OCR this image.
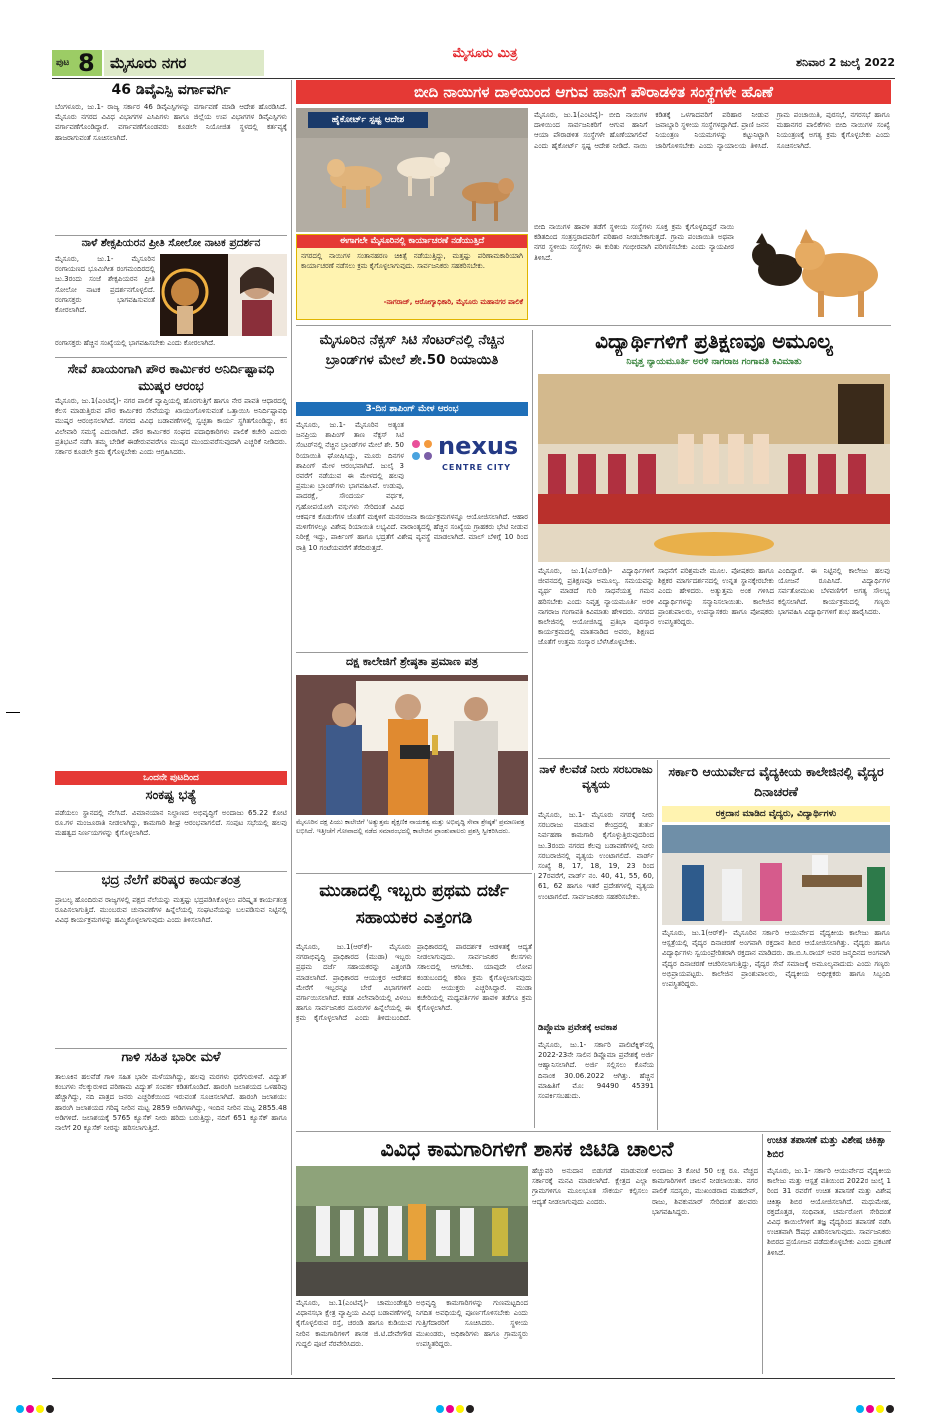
ಪುಟ 8 ಮೈಸೂರು ನಗರ
ಮೈಸೂರು ಮಿತ್ರ
ಶನಿವಾರ 2 ಜುಲೈ 2022
46 ಡಿವೈಎಸ್ಪಿ ವರ್ಗಾವರ್ಗಿ
ಬೆಂಗಳೂರು, ಜು.1- ರಾಜ್ಯ ಸರ್ಕಾರ 46 ಡಿವೈಎಸ್ಪಿಗಳನ್ನು ವರ್ಗಾವಣೆ ಮಾಡಿ ಆದೇಶ ಹೊರಡಿಸಿದೆ. ಮೈಸೂರು ನಗರದ ವಿವಿಧ ವಿಭಾಗಗಳ ಎಸಿಪಿಗಳು ಹಾಗೂ ಜಿಲ್ಲೆಯ ಉಪ ವಿಭಾಗಗಳ ಡಿವೈಎಸ್ಪಿಗಳು ವರ್ಗಾವಣೆಗೊಂಡಿದ್ದಾರೆ. ವರ್ಗಾವಣೆಗೊಂಡವರು ಕೂಡಲೇ ನಿಯೋಜಿತ ಸ್ಥಳದಲ್ಲಿ ಕರ್ತವ್ಯಕ್ಕೆ ಹಾಜರಾಗುವಂತೆ ಸೂಚಿಸಲಾಗಿದೆ.
ನಾಳೆ ಶೇಕ್ಸಪಿಯರನ ಪ್ರೀತಿ ಸೋಲೋ ನಾಟಕ ಪ್ರದರ್ಶನ
ಮೈಸೂರು, ಜು.1- ಮೈಸೂರಿನ ರಂಗಾಯಣದ ಭೂಮಿಗೀತ ರಂಗಮಂದಿರದಲ್ಲಿ ಜು.3ರಂದು ಸಂಜೆ ಶೇಕ್ಸಪಿಯರನ ಪ್ರೀತಿ ಸೋಲೋ ನಾಟಕ ಪ್ರದರ್ಶನಗೊಳ್ಳಲಿದೆ. ರಂಗಾಸಕ್ತರು ಭಾಗವಹಿಸುವಂತೆ ಕೋರಲಾಗಿದೆ.
ರಂಗಾಸಕ್ತರು ಹೆಚ್ಚಿನ ಸಂಖ್ಯೆಯಲ್ಲಿ ಭಾಗವಹಿಸಬೇಕು ಎಂದು ಕೋರಲಾಗಿದೆ.
ಸೇವೆ ಖಾಯಂಗಾಗಿ ಪೌರ ಕಾರ್ಮಿಕರ ಅನಿರ್ದಿಷ್ಟಾವಧಿ ಮುಷ್ಕರ ಆರಂಭ
ಮೈಸೂರು, ಜು.1(ಎಂಟಿವೈ)- ನಗರ ಪಾಲಿಕೆ ವ್ಯಾಪ್ತಿಯಲ್ಲಿ ಹೊರಗುತ್ತಿಗೆ ಹಾಗೂ ನೇರ ಪಾವತಿ ಆಧಾರದಲ್ಲಿ ಕೆಲಸ ಮಾಡುತ್ತಿರುವ ಪೌರ ಕಾರ್ಮಿಕರ ಸೇವೆಯನ್ನು ಖಾಯಂಗೊಳಿಸುವಂತೆ ಒತ್ತಾಯಿಸಿ ಅನಿರ್ದಿಷ್ಟಾವಧಿ ಮುಷ್ಕರ ಆರಂಭಿಸಲಾಗಿದೆ. ನಗರದ ವಿವಿಧ ಬಡಾವಣೆಗಳಲ್ಲಿ ಸ್ವಚ್ಛತಾ ಕಾರ್ಯ ಸ್ಥಗಿತಗೊಂಡಿದ್ದು, ಕಸ ವಿಲೇವಾರಿ ಸಮಸ್ಯೆ ಎದುರಾಗಿದೆ. ಪೌರ ಕಾರ್ಮಿಕರ ಸಂಘದ ಪದಾಧಿಕಾರಿಗಳು ಪಾಲಿಕೆ ಕಚೇರಿ ಎದುರು ಪ್ರತಿಭಟನೆ ನಡೆಸಿ ತಮ್ಮ ಬೇಡಿಕೆ ಈಡೇರುವವರೆಗೂ ಮುಷ್ಕರ ಮುಂದುವರೆಸುವುದಾಗಿ ಎಚ್ಚರಿಕೆ ನೀಡಿದರು. ಸರ್ಕಾರ ಕೂಡಲೇ ಕ್ರಮ ಕೈಗೊಳ್ಳಬೇಕು ಎಂದು ಆಗ್ರಹಿಸಿದರು.
ಒಂದನೇ ಪುಟದಿಂದ
ಸಂಕಷ್ಟ ಭತ್ಯೆ
ಪಡೆಯಲು ಸ್ಥಾನದಲ್ಲಿ ನೆಲೆಸಿದೆ. ವಿಮಾನಯಾನ ನಿಲ್ದಾಣದ ಅಭಿವೃದ್ಧಿಗೆ ಅಂದಾಜು 65.22 ಕೋಟಿ ರೂ.ಗಳ ಮಂಜೂರಾತಿ ನೀಡಲಾಗಿದ್ದು, ಕಾಮಗಾರಿ ಶೀಘ್ರ ಆರಂಭವಾಗಲಿದೆ. ಸಂಪುಟ ಸಭೆಯಲ್ಲಿ ಹಲವು ಮಹತ್ವದ ನಿರ್ಣಯಗಳನ್ನು ಕೈಗೊಳ್ಳಲಾಗಿದೆ.
ಭದ್ರ ನೆಲೆಗೆ ಪರಿಷ್ಕರ ಕಾರ್ಯತಂತ್ರ
ಪ್ರಾಬಲ್ಯ ಹೊಂದಿರುವ ರಾಜ್ಯಗಳಲ್ಲಿ ಪಕ್ಷದ ನೆಲೆಯನ್ನು ಮತ್ತಷ್ಟು ಭದ್ರಪಡಿಸಿಕೊಳ್ಳಲು ಪರಿಷ್ಕೃತ ಕಾರ್ಯತಂತ್ರ ರೂಪಿಸಲಾಗುತ್ತಿದೆ. ಮುಂಬರುವ ಚುನಾವಣೆಗಳ ಹಿನ್ನೆಲೆಯಲ್ಲಿ ಸಂಘಟನೆಯನ್ನು ಬಲಪಡಿಸುವ ನಿಟ್ಟಿನಲ್ಲಿ ವಿವಿಧ ಕಾರ್ಯಕ್ರಮಗಳನ್ನು ಹಮ್ಮಿಕೊಳ್ಳಲಾಗುವುದು ಎಂದು ತಿಳಿಸಲಾಗಿದೆ.
ಗಾಳಿ ಸಹಿತ ಭಾರೀ ಮಳೆ
ತಾಲೂಕಿನ ಹಲವೆಡೆ ಗಾಳಿ ಸಹಿತ ಭಾರೀ ಮಳೆಯಾಗಿದ್ದು, ಹಲವು ಮರಗಳು ಧರೆಗುರುಳಿವೆ. ವಿದ್ಯುತ್ ಕಂಬಗಳು ನೆಲಕ್ಕುರುಳಿದ ಪರಿಣಾಮ ವಿದ್ಯುತ್ ಸಂಪರ್ಕ ಕಡಿತಗೊಂಡಿದೆ. ಹಾರಂಗಿ ಜಲಾಶಯದ ಒಳಹರಿವು ಹೆಚ್ಚಾಗಿದ್ದು, ನದಿ ಪಾತ್ರದ ಜನರು ಎಚ್ಚರಿಕೆಯಿಂದ ಇರುವಂತೆ ಸೂಚಿಸಲಾಗಿದೆ. ಹಾರಂಗಿ ಜಲಾಶಯ: ಹಾರಂಗಿ ಜಲಾಶಯದ ಗರಿಷ್ಠ ನೀರಿನ ಮಟ್ಟ 2859 ಅಡಿಗಳಾಗಿದ್ದು, ಇಂದಿನ ನೀರಿನ ಮಟ್ಟ 2855.48 ಅಡಿಗಳಿದೆ. ಜಲಾಶಯಕ್ಕೆ 5765 ಕ್ಯೂಸೆಕ್ ನೀರು ಹರಿದು ಬರುತ್ತಿದ್ದು, ನದಿಗೆ 651 ಕ್ಯೂಸೆಕ್ ಹಾಗೂ ನಾಲೆಗೆ 20 ಕ್ಯೂಸೆಕ್ ನೀರನ್ನು ಹರಿಸಲಾಗುತ್ತಿದೆ.
ಬೀದಿ ನಾಯಿಗಳ ದಾಳಿಯಿಂದ ಆಗುವ ಹಾನಿಗೆ ಪೌರಾಡಳಿತ ಸಂಸ್ಥೆಗಳೇ ಹೊಣೆ
ಹೈಕೋರ್ಟ್ ಸ್ಪಷ್ಟ ಆದೇಶ
ಈಗಾಗಲೇ ಮೈಸೂರಿನಲ್ಲಿ ಕಾರ್ಯಾಚರಣೆ ನಡೆಯುತ್ತಿದೆ
ನಗರದಲ್ಲಿ ನಾಯಿಗಳ ಸಂತಾನಹರಣ ಚಿಕಿತ್ಸೆ ನಡೆಯುತ್ತಿದ್ದು, ಮತ್ತಷ್ಟು ಪರಿಣಾಮಕಾರಿಯಾಗಿ ಕಾರ್ಯಾಚರಣೆ ನಡೆಸಲು ಕ್ರಮ ಕೈಗೊಳ್ಳಲಾಗುವುದು. ಸಾರ್ವಜನಿಕರು ಸಹಕರಿಸಬೇಕು.
-ನಾಗರಾಜ್, ಆರೋಗ್ಯಾಧಿಕಾರಿ, ಮೈಸೂರು ಮಹಾನಗರ ಪಾಲಿಕೆ
ಮೈಸೂರು, ಜು.1(ಎಂಟಿವೈ)- ಬೀದಿ ನಾಯಿಗಳ ದಾಳಿಯಿಂದ ಸಾರ್ವಜನಿಕರಿಗೆ ಆಗುವ ಹಾನಿಗೆ ಆಯಾ ಪೌರಾಡಳಿತ ಸಂಸ್ಥೆಗಳೇ ಹೊಣೆಯಾಗಲಿವೆ ಎಂದು ಹೈಕೋರ್ಟ್ ಸ್ಪಷ್ಟ ಆದೇಶ ನೀಡಿದೆ. ನಾಯಿ ಕಡಿತಕ್ಕೆ ಒಳಗಾದವರಿಗೆ ಪರಿಹಾರ ನೀಡುವ ಜವಾಬ್ದಾರಿ ಸ್ಥಳೀಯ ಸಂಸ್ಥೆಗಳದ್ದಾಗಿದೆ. ಪ್ರಾಣಿ ಜನನ ನಿಯಂತ್ರಣ ನಿಯಮಗಳನ್ನು ಕಟ್ಟುನಿಟ್ಟಾಗಿ ಜಾರಿಗೊಳಿಸಬೇಕು ಎಂದು ನ್ಯಾಯಾಲಯ ತಿಳಿಸಿದೆ. ಗ್ರಾಮ ಪಂಚಾಯಿತಿ, ಪುರಸಭೆ, ನಗರಸಭೆ ಹಾಗೂ ಮಹಾನಗರ ಪಾಲಿಕೆಗಳು ಬೀದಿ ನಾಯಿಗಳ ಸಂಖ್ಯೆ ನಿಯಂತ್ರಣಕ್ಕೆ ಅಗತ್ಯ ಕ್ರಮ ಕೈಗೊಳ್ಳಬೇಕು ಎಂದು ಸೂಚಿಸಲಾಗಿದೆ.
ಬೀದಿ ನಾಯಿಗಳ ಹಾವಳಿ ತಡೆಗೆ ಸ್ಥಳೀಯ ಸಂಸ್ಥೆಗಳು ಸೂಕ್ತ ಕ್ರಮ ಕೈಗೊಳ್ಳದಿದ್ದರೆ ನಾಯಿ ಕಡಿತದಿಂದ ಸಂತ್ರಸ್ತರಾದವರಿಗೆ ಪರಿಹಾರ ನೀಡಬೇಕಾಗುತ್ತದೆ. ಗ್ರಾಮ ಪಂಚಾಯಿತಿ ಅಥವಾ ನಗರ ಸ್ಥಳೀಯ ಸಂಸ್ಥೆಗಳು ಈ ಕುರಿತು ಗಂಭೀರವಾಗಿ ಪರಿಗಣಿಸಬೇಕು ಎಂದು ನ್ಯಾಯಪೀಠ ತಿಳಿಸಿದೆ.
ಮೈಸೂರಿನ ನೆಕ್ಸಸ್ ಸಿಟಿ ಸೆಂಟರ್‌ನಲ್ಲಿ ನೆಚ್ಚಿನ ಬ್ರಾಂಡ್‌ಗಳ ಮೇಲೆ ಶೇ.50 ರಿಯಾಯಿತಿ
3-ದಿನ ಶಾಪಿಂಗ್ ಮೇಳ ಆರಂಭ
nexus
CENTRE CITY
ಮೈಸೂರು, ಜು.1- ಮೈಸೂರಿನ ಅತ್ಯಂತ ಜನಪ್ರಿಯ ಶಾಪಿಂಗ್ ತಾಣ ನೆಕ್ಸಸ್ ಸಿಟಿ ಸೆಂಟರ್‌ನಲ್ಲಿ ನೆಚ್ಚಿನ ಬ್ರಾಂಡ್‌ಗಳ ಮೇಲೆ ಶೇ. 50 ರಿಯಾಯಿತಿ ಘೋಷಿಸಿದ್ದು, ಮೂರು ದಿನಗಳ ಶಾಪಿಂಗ್ ಮೇಳ ಆರಂಭವಾಗಿದೆ. ಜುಲೈ 3 ರವರೆಗೆ ನಡೆಯುವ ಈ ಮೇಳದಲ್ಲಿ ಹಲವು ಪ್ರಮುಖ ಬ್ರಾಂಡ್‌ಗಳು ಭಾಗವಹಿಸಿವೆ. ಉಡುಪು, ಪಾದರಕ್ಷೆ, ಸೌಂದರ್ಯ ವರ್ಧಕ, ಗೃಹೋಪಯೋಗಿ ವಸ್ತುಗಳು ಸೇರಿದಂತೆ ವಿವಿಧ
ಆಕರ್ಷಕ ಕೊಡುಗೆಗಳ ಜೊತೆಗೆ ಮಕ್ಕಳಿಗೆ ಮನರಂಜನಾ ಕಾರ್ಯಕ್ರಮಗಳನ್ನೂ ಆಯೋಜಿಸಲಾಗಿದೆ. ಆಹಾರ ಮಳಿಗೆಗಳಲ್ಲೂ ವಿಶೇಷ ರಿಯಾಯಿತಿ ಲಭ್ಯವಿದೆ. ವಾರಾಂತ್ಯದಲ್ಲಿ ಹೆಚ್ಚಿನ ಸಂಖ್ಯೆಯ ಗ್ರಾಹಕರು ಭೇಟಿ ನೀಡುವ ನಿರೀಕ್ಷೆ ಇದ್ದು, ಪಾರ್ಕಿಂಗ್ ಹಾಗೂ ಭದ್ರತೆಗೆ ವಿಶೇಷ ವ್ಯವಸ್ಥೆ ಮಾಡಲಾಗಿದೆ. ಮಾಲ್ ಬೆಳಿಗ್ಗೆ 10 ರಿಂದ ರಾತ್ರಿ 10 ಗಂಟೆಯವರೆಗೆ ತೆರೆದಿರುತ್ತದೆ.
ದಕ್ಷ ಕಾಲೇಜಿಗೆ ಶ್ರೇಷ್ಠತಾ ಪ್ರಮಾಣ ಪತ್ರ
ಮೈಸೂರಿನ ದಕ್ಷ ಪಿಯು ಕಾಲೇಜಿಗೆ 'ಅತ್ಯುತ್ತಮ ಶೈಕ್ಷಣಿಕ ನಾಯಕತ್ವ ಮತ್ತು ಅಭಿವೃದ್ಧಿ ಸೇವಾ ಶ್ರೇಷ್ಠತೆ' ಪ್ರಮಾಣಪತ್ರ ಲಭಿಸಿದೆ. ಇತ್ತೀಚೆಗೆ ಗೋವಾದಲ್ಲಿ ನಡೆದ ಸಮಾರಂಭದಲ್ಲಿ ಕಾಲೇಜಿನ ಪ್ರಾಂಶುಪಾಲರು ಪ್ರಶಸ್ತಿ ಸ್ವೀಕರಿಸಿದರು.
ವಿದ್ಯಾರ್ಥಿಗಳಿಗೆ ಪ್ರತಿಕ್ಷಣವೂ ಅಮೂಲ್ಯ
ನಿವೃತ್ತ ನ್ಯಾಯಮೂರ್ತಿ ಅರಳಿ ನಾಗರಾಜ ಗಂಗಾವತಿ ಕಿವಿಮಾತು
ಮೈಸೂರು, ಜು.1(ಎಸ್‌ಬಿಡಿ)- ವಿದ್ಯಾರ್ಥಿಗಳಿಗೆ ಜೀವನದಲ್ಲಿ ಪ್ರತಿಕ್ಷಣವೂ ಅಮೂಲ್ಯ. ಸಮಯವನ್ನು ವ್ಯರ್ಥ ಮಾಡದೆ ಗುರಿ ಸಾಧನೆಯತ್ತ ಗಮನ ಹರಿಸಬೇಕು ಎಂದು ನಿವೃತ್ತ ನ್ಯಾಯಮೂರ್ತಿ ಅರಳಿ ನಾಗರಾಜ ಗಂಗಾವತಿ ಕಿವಿಮಾತು ಹೇಳಿದರು. ನಗರದ ಕಾಲೇಜಿನಲ್ಲಿ ಆಯೋಜಿಸಿದ್ದ ಪ್ರತಿಭಾ ಪುರಸ್ಕಾರ ಕಾರ್ಯಕ್ರಮದಲ್ಲಿ ಮಾತನಾಡಿದ ಅವರು, ಶಿಕ್ಷಣದ ಜೊತೆಗೆ ಉತ್ತಮ ಸಂಸ್ಕಾರ ಬೆಳೆಸಿಕೊಳ್ಳಬೇಕು.
ಸಾಧನೆಗೆ ಪರಿಶ್ರಮವೇ ಮೂಲ. ಪೋಷಕರು ಹಾಗೂ ಶಿಕ್ಷಕರ ಮಾರ್ಗದರ್ಶನದಲ್ಲಿ ಉನ್ನತ ಸ್ಥಾನಕ್ಕೇರಬೇಕು ಎಂದು ಹೇಳಿದರು. ಅತ್ಯುತ್ತಮ ಅಂಕ ಗಳಿಸಿದ ವಿದ್ಯಾರ್ಥಿಗಳನ್ನು ಸನ್ಮಾನಿಸಲಾಯಿತು. ಕಾಲೇಜಿನ ಪ್ರಾಂಶುಪಾಲರು, ಉಪನ್ಯಾಸಕರು ಹಾಗೂ ಪೋಷಕರು ಉಪಸ್ಥಿತರಿದ್ದರು.
ಎಂದಿದ್ದಾರೆ. ಈ ನಿಟ್ಟಿನಲ್ಲಿ ಕಾಲೇಜು ಹಲವು ಯೋಜನೆ ರೂಪಿಸಿದೆ. ವಿದ್ಯಾರ್ಥಿಗಳ ಸರ್ವತೋಮುಖ ಬೆಳವಣಿಗೆಗೆ ಅಗತ್ಯ ಸೌಲಭ್ಯ ಕಲ್ಪಿಸಲಾಗಿದೆ. ಕಾರ್ಯಕ್ರಮದಲ್ಲಿ ಗಣ್ಯರು ಭಾಗವಹಿಸಿ ವಿದ್ಯಾರ್ಥಿಗಳಿಗೆ ಶುಭ ಹಾರೈಸಿದರು.
ನಾಳೆ ಕೆಲವೆಡೆ ನೀರು ಸರಬರಾಜು ವ್ಯತ್ಯಯ
ಮೈಸೂರು, ಜು.1- ಮೈಸೂರು ನಗರಕ್ಕೆ ನೀರು ಸರಬರಾಜು ಮಾಡುವ ಕೇಂದ್ರದಲ್ಲಿ ತುರ್ತು ನಿರ್ವಹಣಾ ಕಾಮಗಾರಿ ಕೈಗೊಳ್ಳುತ್ತಿರುವುದರಿಂದ ಜು.3ರಂದು ನಗರದ ಕೆಲವು ಬಡಾವಣೆಗಳಲ್ಲಿ ನೀರು ಸರಬರಾಜಿನಲ್ಲಿ ವ್ಯತ್ಯಯ ಉಂಟಾಗಲಿದೆ. ವಾರ್ಡ್ ಸಂಖ್ಯೆ 8, 17, 18, 19, 23 ರಿಂದ 27ರವರೆಗೆ, ವಾರ್ಡ್ ನಂ. 40, 41, 55, 60, 61, 62 ಹಾಗೂ ಇತರೆ ಪ್ರದೇಶಗಳಲ್ಲಿ ವ್ಯತ್ಯಯ ಉಂಟಾಗಲಿದೆ. ಸಾರ್ವಜನಿಕರು ಸಹಕರಿಸಬೇಕು.
ಡಿಪ್ಲೊಮಾ ಪ್ರವೇಶಕ್ಕೆ ಅವಕಾಶ
ಮೈಸೂರು, ಜು.1- ಸರ್ಕಾರಿ ಪಾಲಿಟೆಕ್ನಿಕ್‌ನಲ್ಲಿ 2022-23ನೇ ಸಾಲಿನ ಡಿಪ್ಲೊಮಾ ಪ್ರವೇಶಕ್ಕೆ ಅರ್ಜಿ ಆಹ್ವಾನಿಸಲಾಗಿದೆ. ಅರ್ಜಿ ಸಲ್ಲಿಸಲು ಕೊನೆಯ ದಿನಾಂಕ 30.06.2022 ಆಗಿತ್ತು. ಹೆಚ್ಚಿನ ಮಾಹಿತಿಗೆ ಮೊ: 94490 45391 ಸಂಪರ್ಕಿಸಬಹುದು.
ಸರ್ಕಾರಿ ಆಯುರ್ವೇದ ವೈದ್ಯಕೀಯ ಕಾಲೇಜಿನಲ್ಲಿ ವೈದ್ಯರ ದಿನಾಚರಣೆ
ರಕ್ತದಾನ ಮಾಡಿದ ವೈದ್ಯರು, ವಿದ್ಯಾರ್ಥಿಗಳು
ಮೈಸೂರು, ಜು.1(ಆರ್‌ಕೆ)- ಮೈಸೂರಿನ ಸರ್ಕಾರಿ ಆಯುರ್ವೇದ ವೈದ್ಯಕೀಯ ಕಾಲೇಜು ಹಾಗೂ ಆಸ್ಪತ್ರೆಯಲ್ಲಿ ವೈದ್ಯರ ದಿನಾಚರಣೆ ಅಂಗವಾಗಿ ರಕ್ತದಾನ ಶಿಬಿರ ಆಯೋಜಿಸಲಾಗಿತ್ತು. ವೈದ್ಯರು ಹಾಗೂ ವಿದ್ಯಾರ್ಥಿಗಳು ಸ್ವಯಂಪ್ರೇರಿತರಾಗಿ ರಕ್ತದಾನ ಮಾಡಿದರು. ಡಾ.ಬಿ.ಸಿ.ರಾಯ್ ಅವರ ಜನ್ಮದಿನದ ಅಂಗವಾಗಿ ವೈದ್ಯರ ದಿನಾಚರಣೆ ಆಚರಿಸಲಾಗುತ್ತಿದ್ದು, ವೈದ್ಯರ ಸೇವೆ ಸಮಾಜಕ್ಕೆ ಅಮೂಲ್ಯವಾದುದು ಎಂದು ಗಣ್ಯರು ಅಭಿಪ್ರಾಯಪಟ್ಟರು. ಕಾಲೇಜಿನ ಪ್ರಾಂಶುಪಾಲರು, ವೈದ್ಯಕೀಯ ಅಧೀಕ್ಷಕರು ಹಾಗೂ ಸಿಬ್ಬಂದಿ ಉಪಸ್ಥಿತರಿದ್ದರು.
ಮುಡಾದಲ್ಲಿ ಇಬ್ಬರು ಪ್ರಥಮ ದರ್ಜೆ ಸಹಾಯಕರ ಎತ್ತಂಗಡಿ
ಮೈಸೂರು, ಜು.1(ಆರ್‌ಕೆ)- ಮೈಸೂರು ನಗರಾಭಿವೃದ್ಧಿ ಪ್ರಾಧಿಕಾರದ (ಮುಡಾ) ಇಬ್ಬರು ಪ್ರಥಮ ದರ್ಜೆ ಸಹಾಯಕರನ್ನು ಎತ್ತಂಗಡಿ ಮಾಡಲಾಗಿದೆ. ಪ್ರಾಧಿಕಾರದ ಆಯುಕ್ತರ ಆದೇಶದ ಮೇರೆಗೆ ಇಬ್ಬರನ್ನೂ ಬೇರೆ ವಿಭಾಗಗಳಿಗೆ ವರ್ಗಾಯಿಸಲಾಗಿದೆ. ಕಡತ ವಿಲೇವಾರಿಯಲ್ಲಿ ವಿಳಂಬ ಹಾಗೂ ಸಾರ್ವಜನಿಕರ ದೂರುಗಳ ಹಿನ್ನೆಲೆಯಲ್ಲಿ ಈ ಕ್ರಮ ಕೈಗೊಳ್ಳಲಾಗಿದೆ ಎಂದು ತಿಳಿದುಬಂದಿದೆ. ಪ್ರಾಧಿಕಾರದಲ್ಲಿ ಪಾರದರ್ಶಕ ಆಡಳಿತಕ್ಕೆ ಆದ್ಯತೆ ನೀಡಲಾಗುವುದು. ಸಾರ್ವಜನಿಕರ ಕೆಲಸಗಳು ಸಕಾಲದಲ್ಲಿ ಆಗಬೇಕು. ಯಾವುದೇ ಲೋಪ ಕಂಡುಬಂದಲ್ಲಿ ಕಠಿಣ ಕ್ರಮ ಕೈಗೊಳ್ಳಲಾಗುವುದು ಎಂದು ಆಯುಕ್ತರು ಎಚ್ಚರಿಸಿದ್ದಾರೆ. ಮುಡಾ ಕಚೇರಿಯಲ್ಲಿ ಮಧ್ಯವರ್ತಿಗಳ ಹಾವಳಿ ತಡೆಗೂ ಕ್ರಮ ಕೈಗೊಳ್ಳಲಾಗಿದೆ.
ವಿವಿಧ ಕಾಮಗಾರಿಗಳಿಗೆ ಶಾಸಕ ಜಿಟಿಡಿ ಚಾಲನೆ
ಮೈಸೂರು, ಜು.1(ಎಂಟಿವೈ)- ಚಾಮುಂಡೇಶ್ವರಿ ವಿಧಾನಸಭಾ ಕ್ಷೇತ್ರ ವ್ಯಾಪ್ತಿಯ ವಿವಿಧ ಬಡಾವಣೆಗಳಲ್ಲಿ ಕೈಗೊಳ್ಳಲಿರುವ ರಸ್ತೆ, ಚರಂಡಿ ಹಾಗೂ ಕುಡಿಯುವ ನೀರಿನ ಕಾಮಗಾರಿಗಳಿಗೆ ಶಾಸಕ ಜಿ.ಟಿ.ದೇವೇಗೌಡ ಗುದ್ದಲಿ ಪೂಜೆ ನೆರವೇರಿಸಿದರು.
ಅಭಿವೃದ್ಧಿ ಕಾಮಗಾರಿಗಳನ್ನು ಗುಣಮಟ್ಟದಿಂದ ನಿಗದಿತ ಅವಧಿಯಲ್ಲಿ ಪೂರ್ಣಗೊಳಿಸಬೇಕು ಎಂದು ಗುತ್ತಿಗೆದಾರರಿಗೆ ಸೂಚಿಸಿದರು. ಸ್ಥಳೀಯ ಮುಖಂಡರು, ಅಧಿಕಾರಿಗಳು ಹಾಗೂ ಗ್ರಾಮಸ್ಥರು ಉಪಸ್ಥಿತರಿದ್ದರು.
ಹೆಚ್ಚುವರಿ ಅನುದಾನ ಬಿಡುಗಡೆ ಮಾಡುವಂತೆ ಸರ್ಕಾರಕ್ಕೆ ಮನವಿ ಮಾಡಲಾಗಿದೆ. ಕ್ಷೇತ್ರದ ಎಲ್ಲಾ ಗ್ರಾಮಗಳಿಗೂ ಮೂಲಭೂತ ಸೌಕರ್ಯ ಕಲ್ಪಿಸಲು ಆದ್ಯತೆ ನೀಡಲಾಗುವುದು ಎಂದರು.
ಅಂದಾಜು 3 ಕೋಟಿ 50 ಲಕ್ಷ ರೂ. ವೆಚ್ಚದ ಕಾಮಗಾರಿಗಳಿಗೆ ಚಾಲನೆ ನೀಡಲಾಯಿತು. ನಗರ ಪಾಲಿಕೆ ಸದಸ್ಯರು, ಮುಖಂಡರಾದ ಮಹದೇವ್, ರಾಜು, ಶಿವಕುಮಾರ್ ಸೇರಿದಂತೆ ಹಲವರು ಭಾಗವಹಿಸಿದ್ದರು.
ಉಚಿತ ತಪಾಸಣೆ ಮತ್ತು ವಿಶೇಷ ಚಿಕಿತ್ಸಾ ಶಿಬಿರ
ಮೈಸೂರು, ಜು.1- ಸರ್ಕಾರಿ ಆಯುರ್ವೇದ ವೈದ್ಯಕೀಯ ಕಾಲೇಜು ಮತ್ತು ಆಸ್ಪತ್ರೆ ವತಿಯಿಂದ 2022ರ ಜುಲೈ 1 ರಿಂದ 31 ರವರೆಗೆ ಉಚಿತ ತಪಾಸಣೆ ಮತ್ತು ವಿಶೇಷ ಚಿಕಿತ್ಸಾ ಶಿಬಿರ ಆಯೋಜಿಸಲಾಗಿದೆ. ಮಧುಮೇಹ, ರಕ್ತದೊತ್ತಡ, ಸಂಧಿವಾತ, ಚರ್ಮರೋಗ ಸೇರಿದಂತೆ ವಿವಿಧ ಕಾಯಿಲೆಗಳಿಗೆ ತಜ್ಞ ವೈದ್ಯರಿಂದ ತಪಾಸಣೆ ನಡೆಸಿ ಉಚಿತವಾಗಿ ಔಷಧ ವಿತರಿಸಲಾಗುವುದು. ಸಾರ್ವಜನಿಕರು ಶಿಬಿರದ ಪ್ರಯೋಜನ ಪಡೆದುಕೊಳ್ಳಬೇಕು ಎಂದು ಪ್ರಕಟಣೆ ತಿಳಿಸಿದೆ.
